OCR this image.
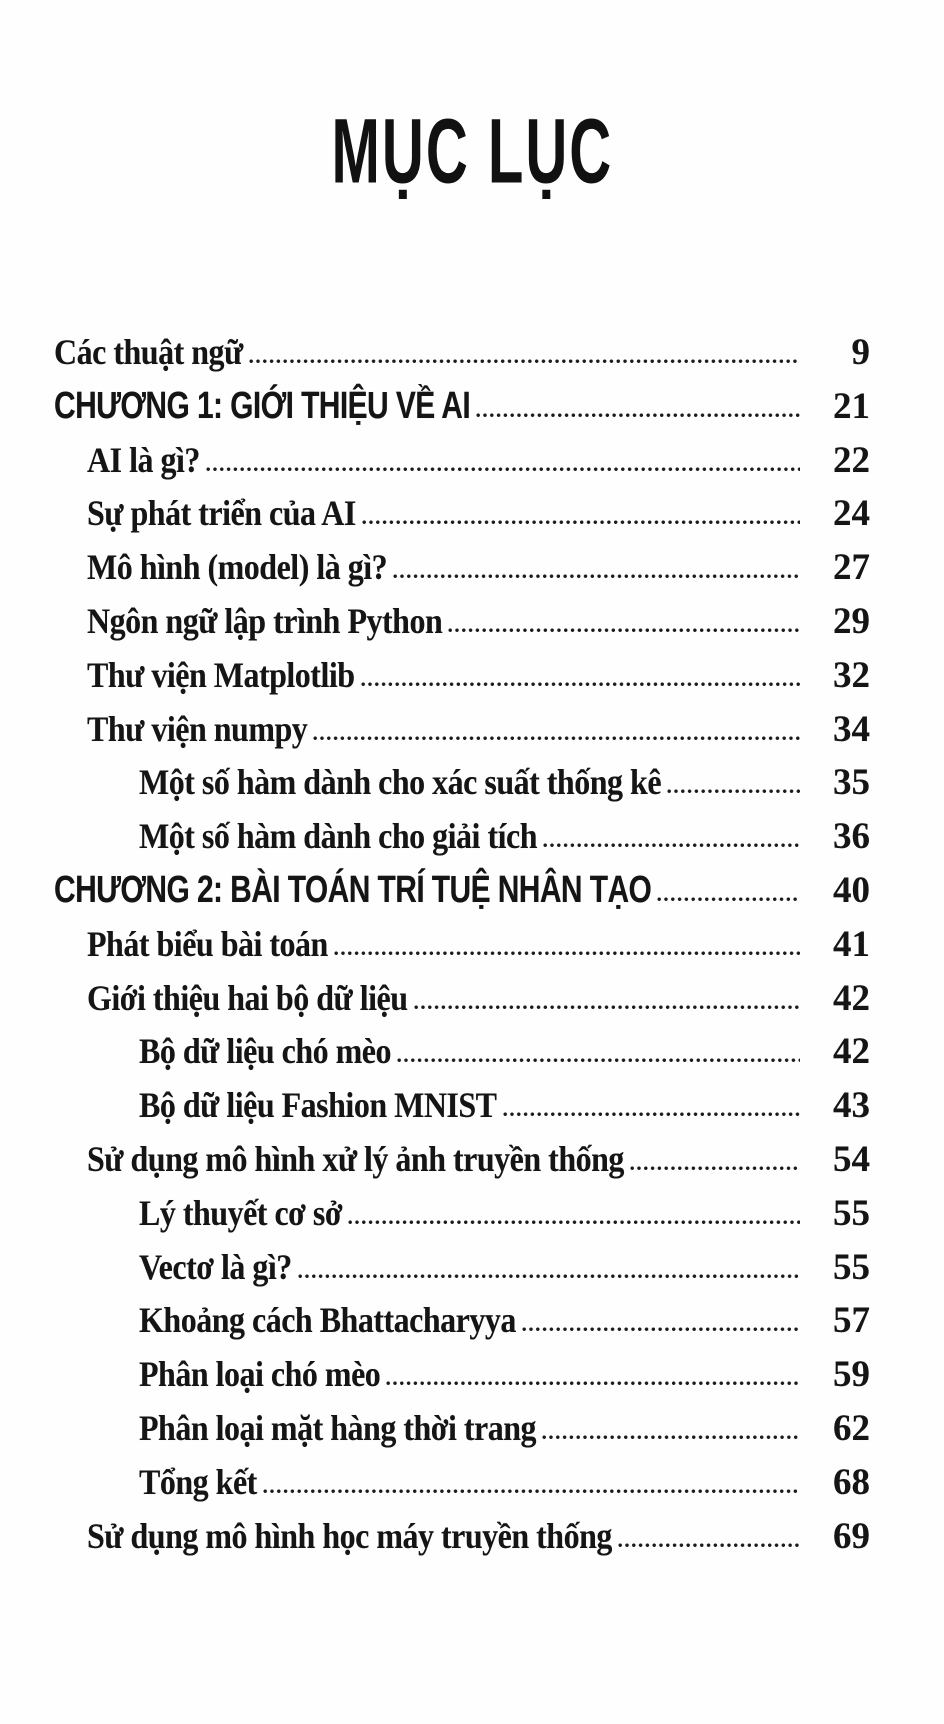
MỤC LỤC
Các thuật ngữ	9
CHƯƠNG 1: GIỚI THIỆU VỀ AI	21
AI là gì?	22
Sự phát triển của AI	24
Mô hình (model) là gì?	27
Ngôn ngữ lập trình Python	29
Thư viện Matplotlib	32
Thư viện numpy	34
Một số hàm dành cho xác suất thống kê	35
Một số hàm dành cho giải tích	36
CHƯƠNG 2: BÀI TOÁN TRÍ TUỆ NHÂN TẠO	40
Phát biểu bài toán	41
Giới thiệu hai bộ dữ liệu	42
Bộ dữ liệu chó mèo	42
Bộ dữ liệu Fashion MNIST	43
Sử dụng mô hình xử lý ảnh truyền thống	54
Lý thuyết cơ sở	55
Vectơ là gì?	55
Khoảng cách Bhattacharyya	57
Phân loại chó mèo	59
Phân loại mặt hàng thời trang	62
Tổng kết	68
Sử dụng mô hình học máy truyền thống	69
